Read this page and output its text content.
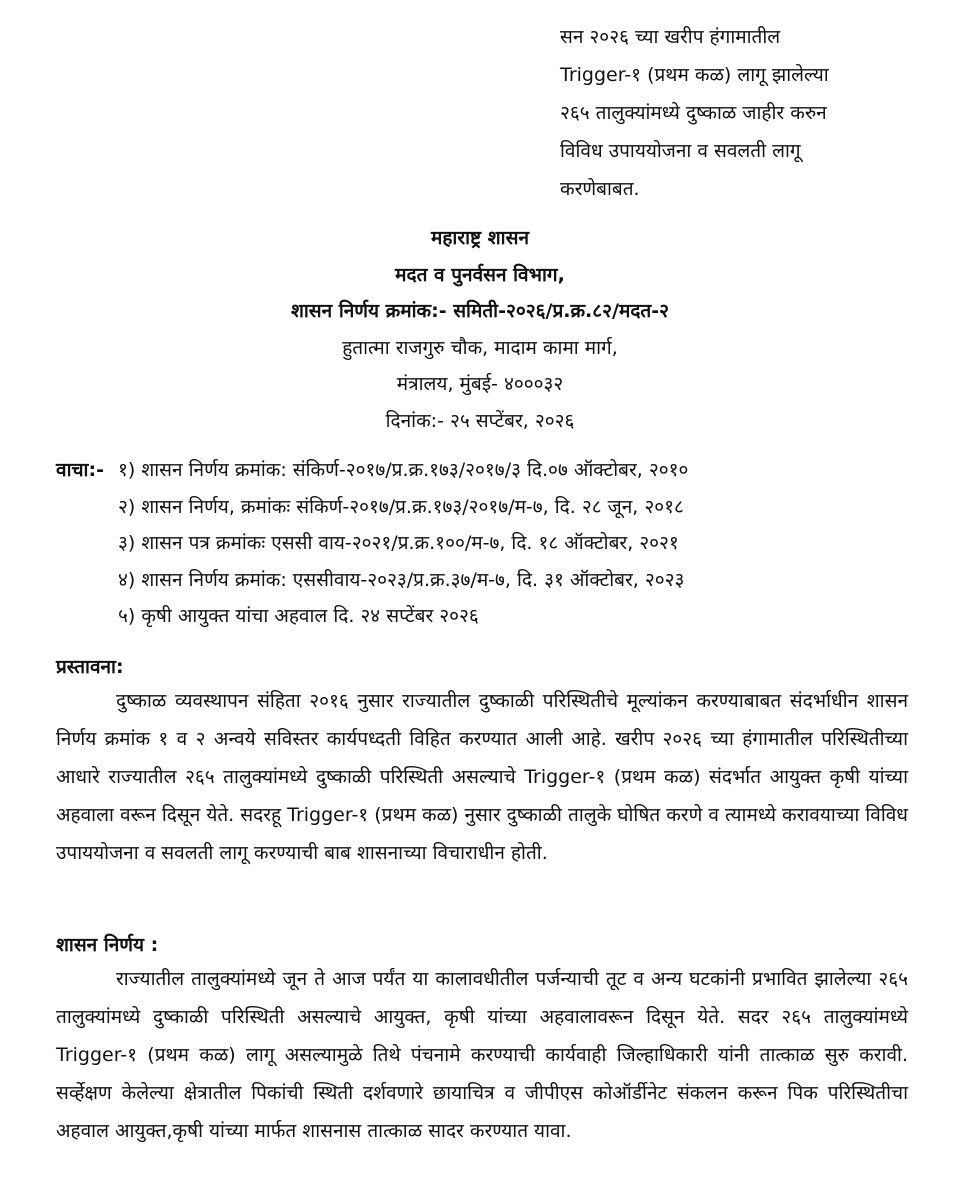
सन २०२६ च्या खरीप हंगामातील
Trigger-१ (प्रथम कळ) लागू झालेल्या
२६५ तालुक्यांमध्ये दुष्काळ जाहीर करुन
विविध उपाययोजना व सवलती लागू
करणेबाबत.
महाराष्ट्र शासन
मदत व पुनर्वसन विभाग,
शासन निर्णय क्रमांक:- समिती-२०२६/प्र.क्र.८२/मदत-२
हुतात्मा राजगुरु चौक, मादाम कामा मार्ग,
मंत्रालय, मुंबई- ४०००३२
दिनांक:- २५ सप्टेंबर, २०२६
वाचा:- १) शासन निर्णय क्रमांक: संकिर्ण-२०१७/प्र.क्र.१७३/२०१७/३ दि.०७ ऑक्टोबर, २०१०
२) शासन निर्णय, क्रमांकः संकिर्ण-२०१७/प्र.क्र.१७३/२०१७/म-७, दि. २८ जून, २०१८
३) शासन पत्र क्रमांकः एससी वाय-२०२१/प्र.क्र.१००/म-७, दि. १८ ऑक्टोबर, २०२१
४) शासन निर्णय क्रमांक: एससीवाय-२०२३/प्र.क्र.३७/म-७, दि. ३१ ऑक्टोबर, २०२३
५) कृषी आयुक्त यांचा अहवाल दि. २४ सप्टेंबर २०२६
प्रस्तावना:

दुष्काळ व्यवस्थापन संहिता २०१६ नुसार राज्यातील दुष्काळी परिस्थितीचे मूल्यांकन करण्याबाबत संदर्भाधीन शासन निर्णय क्रमांक १ व २ अन्वये सविस्तर कार्यपध्दती विहित करण्यात आली आहे. खरीप २०२६ च्या हंगामातील परिस्थितीच्या आधारे राज्यातील २६५ तालुक्यांमध्ये दुष्काळी परिस्थिती असल्याचे Trigger-१ (प्रथम कळ) संदर्भात आयुक्त कृषी यांच्या अहवाला वरून दिसून येते. सदरहू Trigger-१ (प्रथम कळ) नुसार दुष्काळी तालुके घोषित करणे व त्यामध्ये करावयाच्या विविध उपाययोजना व सवलती लागू करण्याची बाब शासनाच्या विचाराधीन होती.

शासन निर्णय :

राज्यातील तालुक्यांमध्ये जून ते आज पर्यंत या कालावधीतील पर्जन्याची तूट व अन्य घटकांनी प्रभावित झालेल्या २६५ तालुक्यांमध्ये दुष्काळी परिस्थिती असल्याचे आयुक्त, कृषी यांच्या अहवालावरून दिसून येते. सदर २६५ तालुक्यांमध्ये Trigger-१ (प्रथम कळ) लागू असल्यामुळे तिथे पंचनामे करण्याची कार्यवाही जिल्हाधिकारी यांनी तात्काळ सुरु करावी. सर्व्हेक्षण केलेल्या क्षेत्रातील पिकांची स्थिती दर्शवणारे छायाचित्र व जीपीएस कोऑर्डीनेट संकलन करून पिक परिस्थितीचा अहवाल आयुक्त,कृषी यांच्या मार्फत शासनास तात्काळ सादर करण्यात यावा.
